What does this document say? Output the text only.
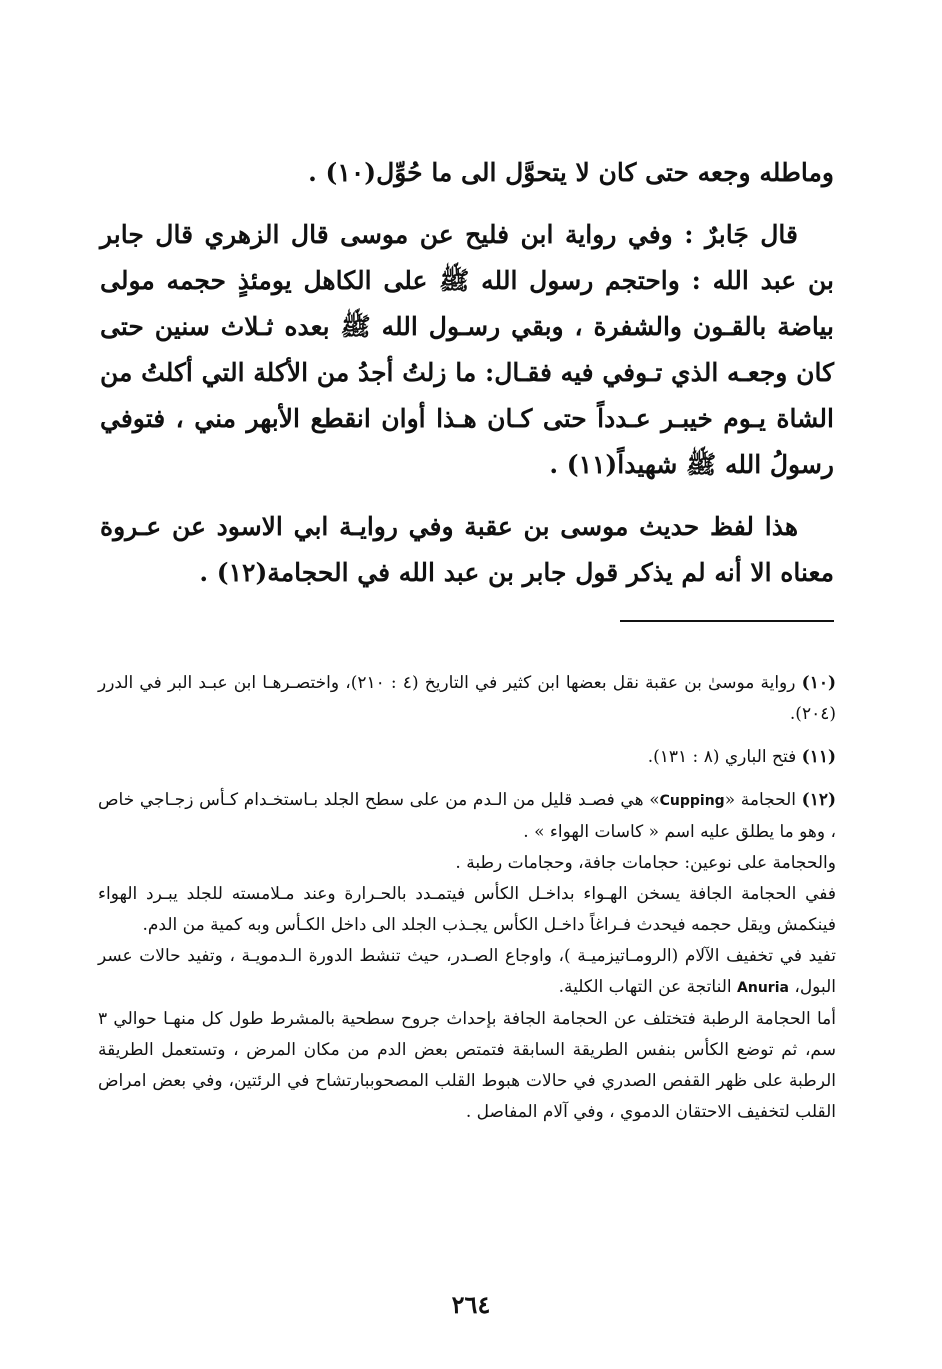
وماطله وجعه حتى كان لا يتحوَّل الى ما حُوِّل(١٠) .

قال جَابرٌ : وفي رواية ابن فليح عن موسى قال الزهري قال جابر بن عبد الله : واحتجم رسول الله ﷺ على الكاهل يومئذٍ حجمه مولى بياضة بالقـون والشفرة ، وبقي رسـول الله ﷺ بعده ثـلاث سنين حتى كان وجعـه الذي تـوفي فيه فقـال: ما زلتُ أجدُ من الأكلة التي أكلتُ من الشاة يـوم خيبـر عـدداً حتى كـان هـذا أوان انقطع الأبهر مني ، فتوفي رسولُ الله ﷺ شهيداً(١١) .

هذا لفظ حديث موسى بن عقبة وفي روايـة ابي الاسود عن عـروة معناه الا أنه لم يذكر قول جابر بن عبد الله في الحجامة(١٢) .

(١٠) رواية موسىٰ بن عقبة نقل بعضها ابن كثير في التاريخ (٤ : ٢١٠)، واختصـرهـا ابن عبـد البر في الدرر (٢٠٤).
(١١) فتح الباري (٨ : ١٣١).
(١٢) الحجامة «Cupping» هي فصـد قليل من الـدم من على سطح الجلد بـاستخـدام كـأس زجـاجي خاص ، وهو ما يطلق عليه اسم « كاسات الهواء » .
والحجامة على نوعين: حجامات جافة، وحجامات رطبة .
ففي الحجامة الجافة يسخن الهـواء بداخـل الكأس فيتمـدد بالحـرارة وعند مـلامسته للجلد يبـرد الهواء فينكمش ويقل حجمه فيحدث فـراغاً داخـل الكأس يجـذب الجلد الى داخل الكـأس وبه كمية من الدم.
تفيد في تخفيف الآلام (الرومـاتيزميـة )، واوجاع الصـدر، حيث تنشط الدورة الـدمويـة ، وتفيد حالات عسر البول، Anuria الناتجة عن التهاب الكلية.
أما الحجامة الرطبة فتختلف عن الحجامة الجافة بإحداث جروح سطحية بالمشرط طول كل منهـا حوالي ٣ سم، ثم توضع الكأس بنفس الطريقة السابقة فتمتص بعض الدم من مكان المرض ، وتستعمل الطريقة الرطبة على ظهر القفص الصدري في حالات هبوط القلب المصحوببارتشاح في الرئتين، وفي بعض امراض القلب لتخفيف الاحتقان الدموي ، وفي آلام المفاصل .
٢٦٤
